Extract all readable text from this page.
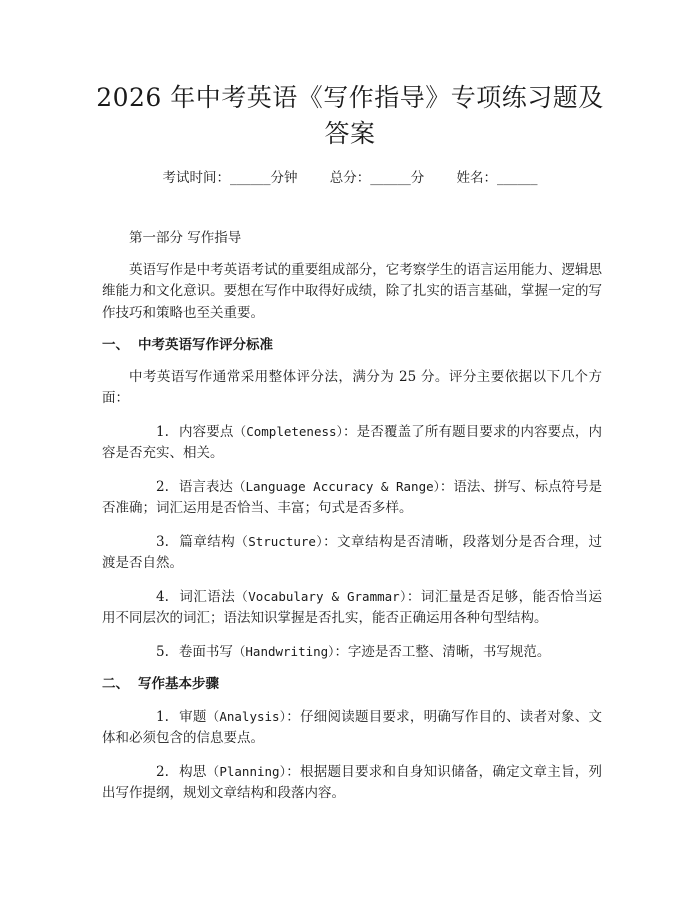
2026 年中考英语《写作指导》专项练习题及
答案
考试时间：______分钟 总分：______分 姓名：______

第一部分 写作指导

英语写作是中考英语考试的重要组成部分，它考察学生的语言运用能力、逻辑思维能力和文化意识。要想在写作中取得好成绩，除了扎实的语言基础，掌握一定的写作技巧和策略也至关重要。

一、 中考英语写作评分标准

中考英语写作通常采用整体评分法，满分为 25 分。评分主要依据以下几个方面：

1. 内容要点（Completeness）：是否覆盖了所有题目要求的内容要点，内容是否充实、相关。

2. 语言表达（Language Accuracy & Range）：语法、拼写、标点符号是否准确；词汇运用是否恰当、丰富；句式是否多样。

3. 篇章结构（Structure）：文章结构是否清晰，段落划分是否合理，过渡是否自然。

4. 词汇语法（Vocabulary & Grammar）：词汇量是否足够，能否恰当运用不同层次的词汇；语法知识掌握是否扎实，能否正确运用各种句型结构。

5. 卷面书写（Handwriting）：字迹是否工整、清晰，书写规范。

二、 写作基本步骤

1. 审题（Analysis）：仔细阅读题目要求，明确写作目的、读者对象、文体和必须包含的信息要点。

2. 构思（Planning）：根据题目要求和自身知识储备，确定文章主旨，列出写作提纲，规划文章结构和段落内容。
